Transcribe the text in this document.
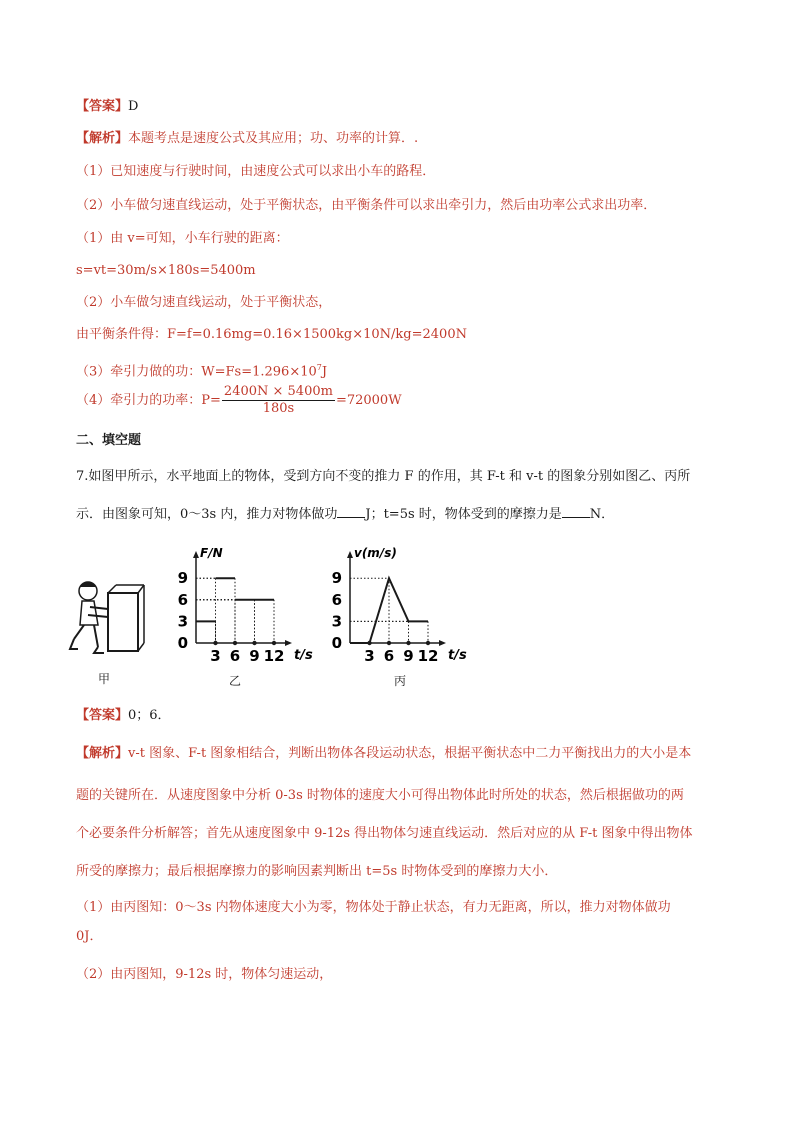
【答案】D
【解析】本题考点是速度公式及其应用；功、功率的计算．.
（1）已知速度与行驶时间，由速度公式可以求出小车的路程．
（2）小车做匀速直线运动，处于平衡状态，由平衡条件可以求出牵引力，然后由功率公式求出功率．
（1）由 v=可知，小车行驶的距离：
s=vt=30m/s×180s=5400m
（2）小车做匀速直线运动，处于平衡状态，
由平衡条件得：F=f=0.16mg=0.16×1500kg×10N/kg=2400N
（3）牵引力做的功：$W=Fs=1.296\times 10^7J$
（4）牵引力的功率：$P= \frac{2400N \times 5400m}{180s} =72000W$
二、填空题
7.如图甲所示，水平地面上的物体，受到方向不变的推力 F 的作用，其 F-t 和 v-t 的图象分别如图乙、丙所
示．由图象可知，0～3s 内，推力对物体做功 J；t=5s 时，物体受到的摩擦力是 N．
甲
t/s
F/N
3 6 9 12
0
3
6
9
乙
t/s
v(m/s)
3 6 9 12
0
3
6
9
丙
【答案】0；6．
【解析】v-t 图象、F-t 图象相结合，判断出物体各段运动状态，根据平衡状态中二力平衡找出力的大小是本
题的关键所在．从速度图象中分析 0-3s 时物体的速度大小可得出物体此时所处的状态，然后根据做功的两
个必要条件分析解答；首先从速度图象中 9-12s 得出物体匀速直线运动．然后对应的从 F-t 图象中得出物体
所受的摩擦力；最后根据摩擦力的影响因素判断出 t=5s 时物体受到的摩擦力大小．
（1）由丙图知：0～3s 内物体速度大小为零，物体处于静止状态，有力无距离，所以，推力对物体做功
0J．
（2）由丙图知，9-12s 时，物体匀速运动，
